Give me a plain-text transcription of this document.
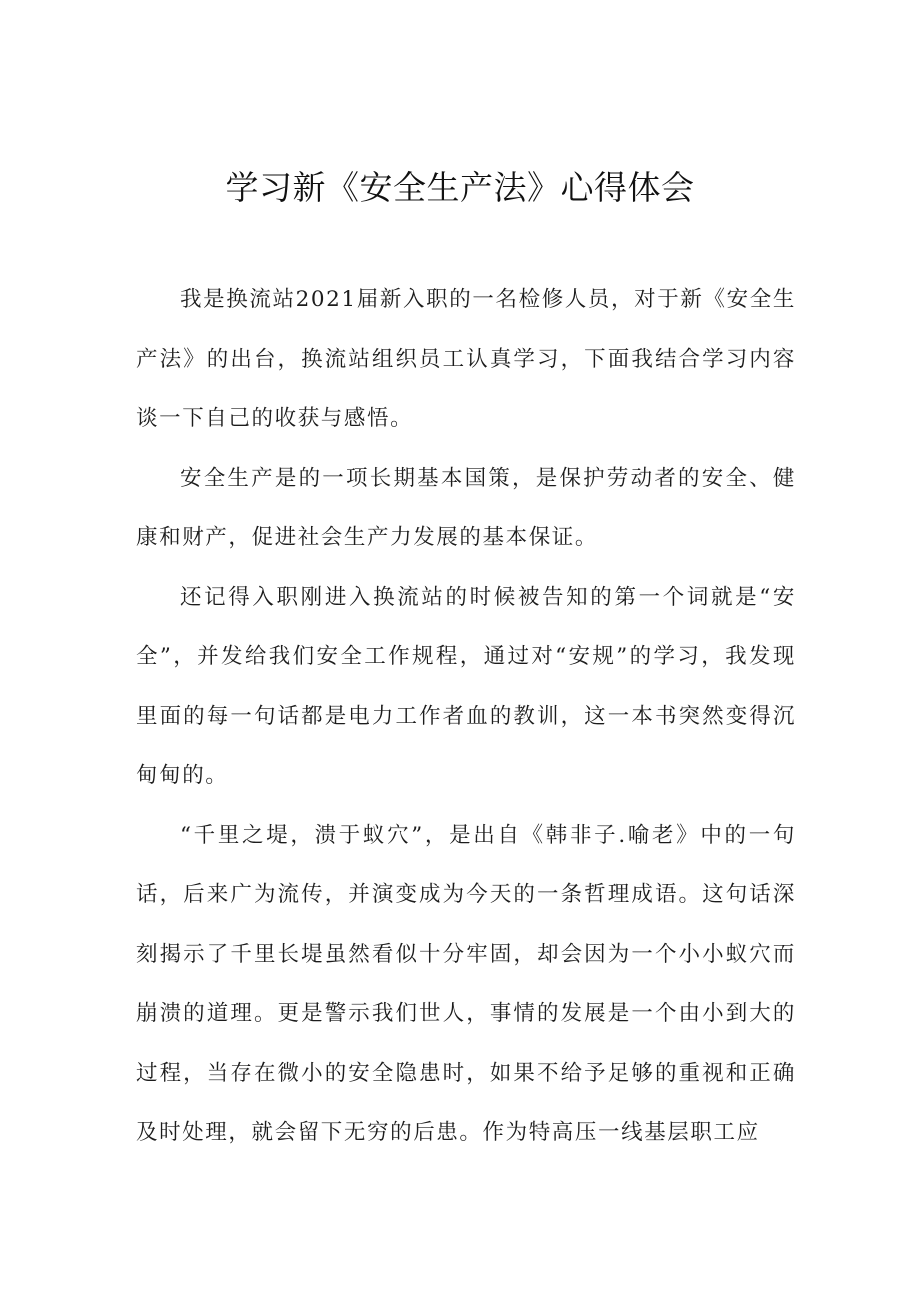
学习新《安全生产法》心得体会

我是换流站2021届新入职的一名检修人员，对于新《安全生产法》的出台，换流站组织员工认真学习，下面我结合学习内容谈一下自己的收获与感悟。

安全生产是的一项长期基本国策，是保护劳动者的安全、健康和财产，促进社会生产力发展的基本保证。

还记得入职刚进入换流站的时候被告知的第一个词就是“安全”，并发给我们安全工作规程，通过对“安规”的学习，我发现里面的每一句话都是电力工作者血的教训，这一本书突然变得沉甸甸的。

“千里之堤，溃于蚁穴”，是出自《韩非子.喻老》中的一句话，后来广为流传，并演变成为今天的一条哲理成语。这句话深刻揭示了千里长堤虽然看似十分牢固，却会因为一个小小蚁穴而崩溃的道理。更是警示我们世人，事情的发展是一个由小到大的过程，当存在微小的安全隐患时，如果不给予足够的重视和正确及时处理，就会留下无穷的后患。作为特高压一线基层职工应
